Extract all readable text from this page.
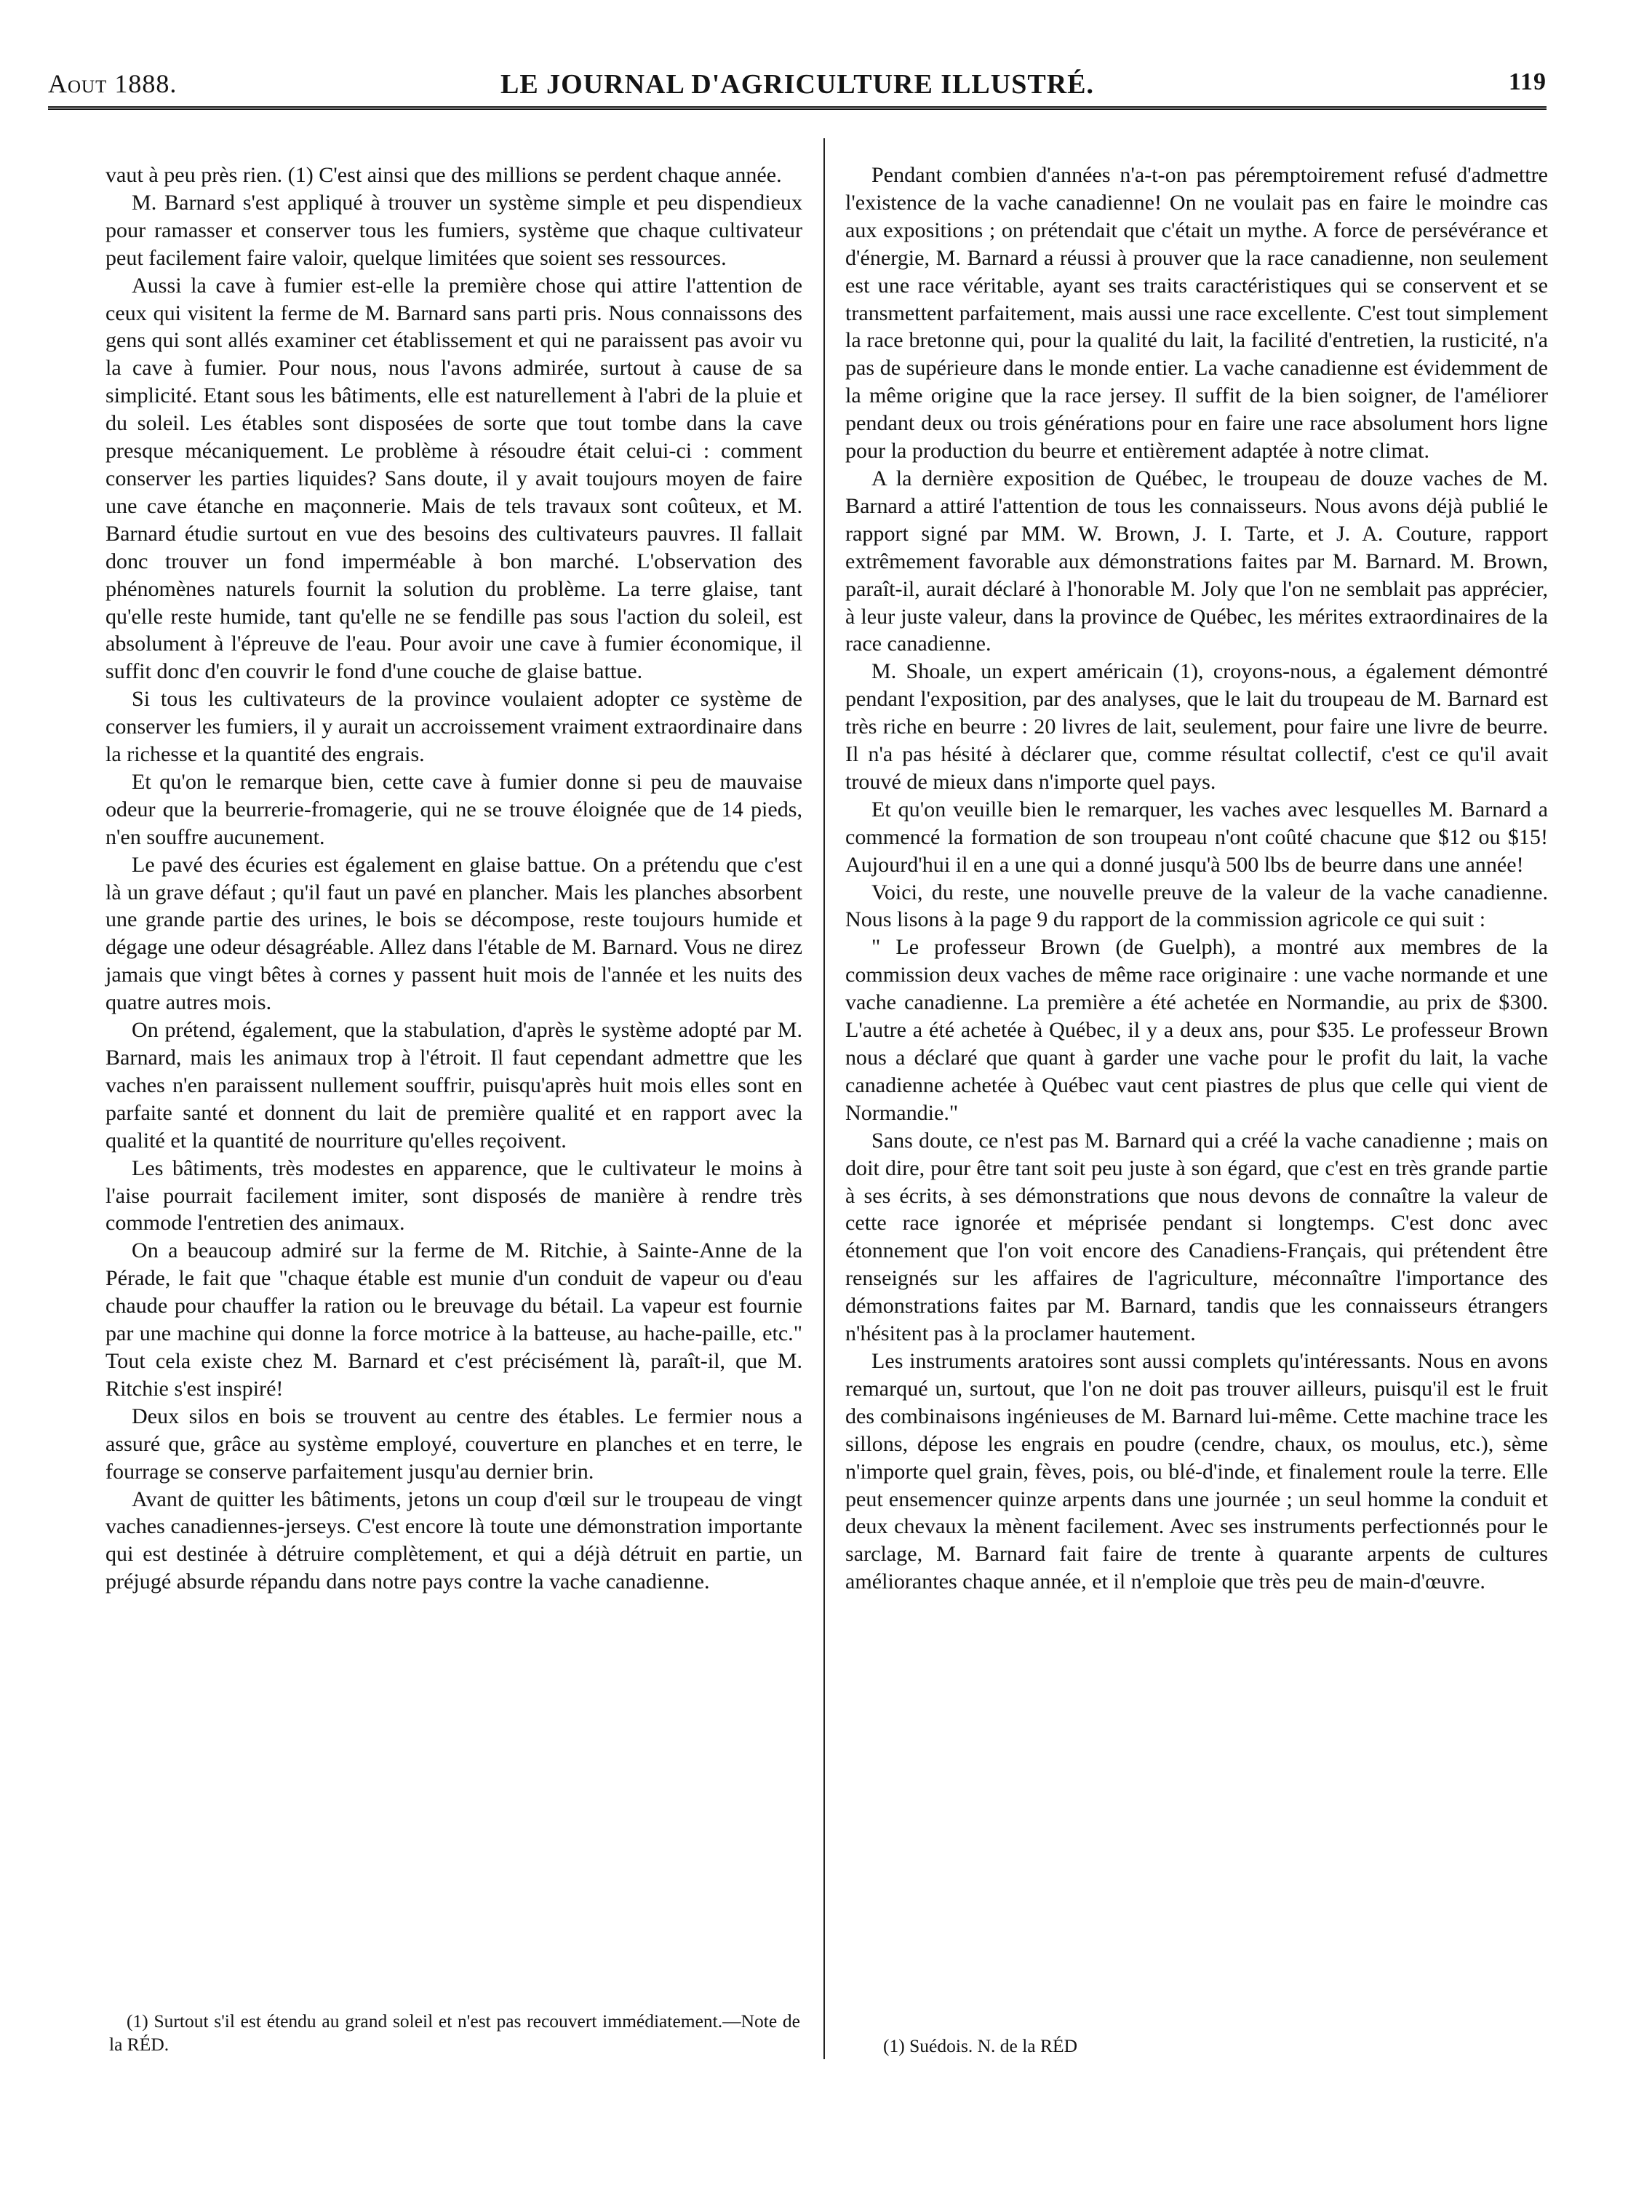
Aout 1888.	LE JOURNAL D'AGRICULTURE ILLUSTRÉ.	119

vaut à peu près rien. (1) C'est ainsi que des millions se perdent chaque année.

M. Barnard s'est appliqué à trouver un système simple et peu dispendieux pour ramasser et conserver tous les fumiers, système que chaque cultivateur peut facilement faire valoir, quelque limitées que soient ses ressources.

Aussi la cave à fumier est-elle la première chose qui attire l'attention de ceux qui visitent la ferme de M. Barnard sans parti pris. Nous connaissons des gens qui sont allés examiner cet établissement et qui ne paraissent pas avoir vu la cave à fumier. Pour nous, nous l'avons admirée, surtout à cause de sa simplicité. Etant sous les bâtiments, elle est naturellement à l'abri de la pluie et du soleil. Les étables sont disposées de sorte que tout tombe dans la cave presque mécaniquement. Le problème à résoudre était celui-ci : comment conserver les parties liquides? Sans doute, il y avait toujours moyen de faire une cave étanche en maçonnerie. Mais de tels travaux sont coûteux, et M. Barnard étudie surtout en vue des besoins des cultivateurs pauvres. Il fallait donc trouver un fond imperméable à bon marché. L'observation des phénomènes naturels fournit la solution du problème. La terre glaise, tant qu'elle reste humide, tant qu'elle ne se fendille pas sous l'action du soleil, est absolument à l'épreuve de l'eau. Pour avoir une cave à fumier économique, il suffit donc d'en couvrir le fond d'une couche de glaise battue.

Si tous les cultivateurs de la province voulaient adopter ce système de conserver les fumiers, il y aurait un accroissement vraiment extraordinaire dans la richesse et la quantité des engrais.

Et qu'on le remarque bien, cette cave à fumier donne si peu de mauvaise odeur que la beurrerie-fromagerie, qui ne se trouve éloignée que de 14 pieds, n'en souffre aucunement.

Le pavé des écuries est également en glaise battue. On a prétendu que c'est là un grave défaut ; qu'il faut un pavé en plancher. Mais les planches absorbent une grande partie des urines, le bois se décompose, reste toujours humide et dégage une odeur désagréable. Allez dans l'étable de M. Barnard. Vous ne direz jamais que vingt bêtes à cornes y passent huit mois de l'année et les nuits des quatre autres mois.

On prétend, également, que la stabulation, d'après le système adopté par M. Barnard, mais les animaux trop à l'étroit. Il faut cependant admettre que les vaches n'en paraissent nullement souffrir, puisqu'après huit mois elles sont en parfaite santé et donnent du lait de première qualité et en rapport avec la qualité et la quantité de nourriture qu'elles reçoivent.

Les bâtiments, très modestes en apparence, que le cultivateur le moins à l'aise pourrait facilement imiter, sont disposés de manière à rendre très commode l'entretien des animaux.

On a beaucoup admiré sur la ferme de M. Ritchie, à Sainte-Anne de la Pérade, le fait que "chaque étable est munie d'un conduit de vapeur ou d'eau chaude pour chauffer la ration ou le breuvage du bétail. La vapeur est fournie par une machine qui donne la force motrice à la batteuse, au hache-paille, etc." Tout cela existe chez M. Barnard et c'est précisément là, paraît-il, que M. Ritchie s'est inspiré!

Deux silos en bois se trouvent au centre des étables. Le fermier nous a assuré que, grâce au système employé, couverture en planches et en terre, le fourrage se conserve parfaitement jusqu'au dernier brin.

Avant de quitter les bâtiments, jetons un coup d'œil sur le troupeau de vingt vaches canadiennes-jerseys. C'est encore là toute une démonstration importante qui est destinée à détruire complètement, et qui a déjà détruit en partie, un préjugé absurde répandu dans notre pays contre la vache canadienne.

(1) Surtout s'il est étendu au grand soleil et n'est pas recouvert immédiatement.—Note de la RÉD.

Pendant combien d'années n'a-t-on pas péremptoirement refusé d'admettre l'existence de la vache canadienne! On ne voulait pas en faire le moindre cas aux expositions ; on prétendait que c'était un mythe. A force de persévérance et d'énergie, M. Barnard a réussi à prouver que la race canadienne, non seulement est une race véritable, ayant ses traits caractéristiques qui se conservent et se transmettent parfaitement, mais aussi une race excellente. C'est tout simplement la race bretonne qui, pour la qualité du lait, la facilité d'entretien, la rusticité, n'a pas de supérieure dans le monde entier. La vache canadienne est évidemment de la même origine que la race jersey. Il suffit de la bien soigner, de l'améliorer pendant deux ou trois générations pour en faire une race absolument hors ligne pour la production du beurre et entièrement adaptée à notre climat.

A la dernière exposition de Québec, le troupeau de douze vaches de M. Barnard a attiré l'attention de tous les connaisseurs. Nous avons déjà publié le rapport signé par MM. W. Brown, J. I. Tarte, et J. A. Couture, rapport extrêmement favorable aux démonstrations faites par M. Barnard. M. Brown, paraît-il, aurait déclaré à l'honorable M. Joly que l'on ne semblait pas apprécier, à leur juste valeur, dans la province de Québec, les mérites extraordinaires de la race canadienne.

M. Shoale, un expert américain (1), croyons-nous, a également démontré pendant l'exposition, par des analyses, que le lait du troupeau de M. Barnard est très riche en beurre : 20 livres de lait, seulement, pour faire une livre de beurre. Il n'a pas hésité à déclarer que, comme résultat collectif, c'est ce qu'il avait trouvé de mieux dans n'importe quel pays.

Et qu'on veuille bien le remarquer, les vaches avec lesquelles M. Barnard a commencé la formation de son troupeau n'ont coûté chacune que $12 ou $15! Aujourd'hui il en a une qui a donné jusqu'à 500 lbs de beurre dans une année!

Voici, du reste, une nouvelle preuve de la valeur de la vache canadienne. Nous lisons à la page 9 du rapport de la commission agricole ce qui suit :

" Le professeur Brown (de Guelph), a montré aux membres de la commission deux vaches de même race originaire : une vache normande et une vache canadienne. La première a été achetée en Normandie, au prix de $300. L'autre a été achetée à Québec, il y a deux ans, pour $35. Le professeur Brown nous a déclaré que quant à garder une vache pour le profit du lait, la vache canadienne achetée à Québec vaut cent piastres de plus que celle qui vient de Normandie."

Sans doute, ce n'est pas M. Barnard qui a créé la vache canadienne ; mais on doit dire, pour être tant soit peu juste à son égard, que c'est en très grande partie à ses écrits, à ses démonstrations que nous devons de connaître la valeur de cette race ignorée et méprisée pendant si longtemps. C'est donc avec étonnement que l'on voit encore des Canadiens-Français, qui prétendent être renseignés sur les affaires de l'agriculture, méconnaître l'importance des démonstrations faites par M. Barnard, tandis que les connaisseurs étrangers n'hésitent pas à la proclamer hautement.

Les instruments aratoires sont aussi complets qu'intéressants. Nous en avons remarqué un, surtout, que l'on ne doit pas trouver ailleurs, puisqu'il est le fruit des combinaisons ingénieuses de M. Barnard lui-même. Cette machine trace les sillons, dépose les engrais en poudre (cendre, chaux, os moulus, etc.), sème n'importe quel grain, fèves, pois, ou blé-d'inde, et finalement roule la terre. Elle peut ensemencer quinze arpents dans une journée ; un seul homme la conduit et deux chevaux la mènent facilement. Avec ses instruments perfectionnés pour le sarclage, M. Barnard fait faire de trente à quarante arpents de cultures améliorantes chaque année, et il n'emploie que très peu de main-d'œuvre.

(1) Suédois. N. de la RÉD
